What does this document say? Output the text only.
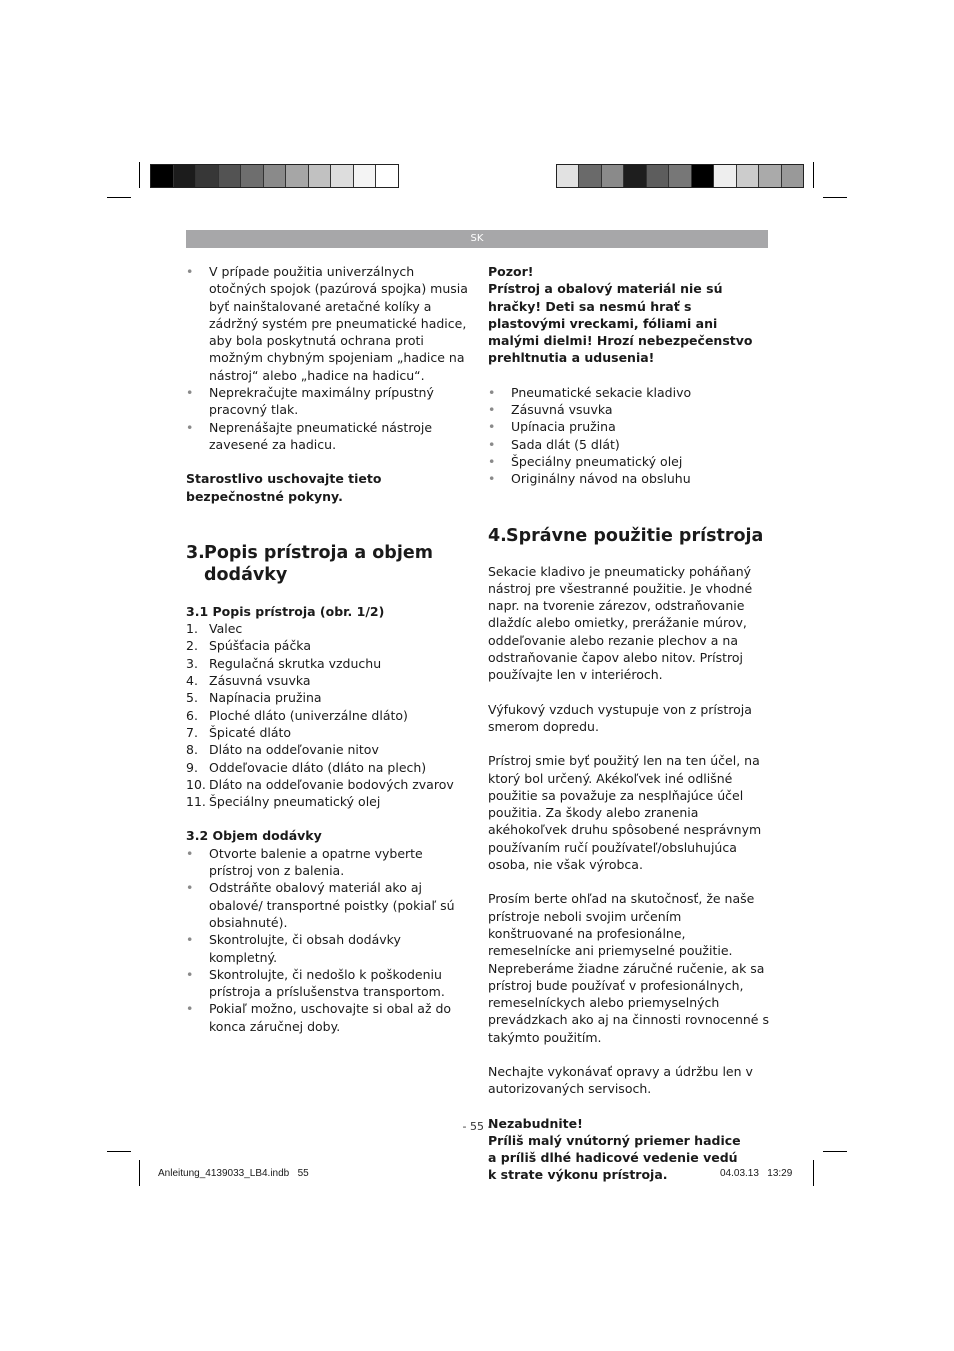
SK
• V prípade použitia univerzálnych otočných spojok (pazúrová spojka) musia byť nainštalované aretačné kolíky a zádržný systém pre pneumatické hadice, aby bola poskytnutá ochrana proti možným chybným spojeniam „hadice na nástroj“ alebo „hadice na hadicu“.
• Neprekračujte maximálny prípustný pracovný tlak.
• Neprenášajte pneumatické nástroje zavesené za hadicu.

Starostlivo uschovajte tieto bezpečnostné pokyny.

3.Popis prístroja a objem
dodávky

3.1 Popis prístroja (obr. 1/2)

1. Valec
2. Spúšťacia páčka
3. Regulačná skrutka vzduchu
4. Zásuvná vsuvka
5. Napínacia pružina
6. Ploché dláto (univerzálne dláto)
7. Špicaté dláto
8. Dláto na oddeľovanie nitov
9. Oddeľovacie dláto (dláto na plech)
10. Dláto na oddeľovanie bodových zvarov
11. Špeciálny pneumatický olej

3.2 Objem dodávky

• Otvorte balenie a opatrne vyberte prístroj von z balenia.
• Odstráňte obalový materiál ako aj obalové/ transportné poistky (pokiaľ sú obsiahnuté).
• Skontrolujte, či obsah dodávky kompletný.
• Skontrolujte, či nedošlo k poškodeniu prístroja a príslušenstva transportom.
• Pokiaľ možno, uschovajte si obal až do konca záručnej doby.

Pozor!

Prístroj a obalový materiál nie sú hračky! Deti sa nesmú hrať s plastovými vreckami, fóliami ani malými dielmi! Hrozí nebezpečenstvo prehltnutia a udusenia!

• Pneumatické sekacie kladivo
• Zásuvná vsuvka
• Upínacia pružina
• Sada dlát (5 dlát)
• Špeciálny pneumatický olej
• Originálny návod na obsluhu
4.Správne použitie prístroja

Sekacie kladivo je pneumaticky poháňaný nástroj pre všestranné použitie. Je vhodné napr. na tvorenie zárezov, odstraňovanie dlaždíc alebo omietky, prerážanie múrov, oddeľovanie alebo rezanie plechov a na odstraňovanie čapov alebo nitov. Prístroj používajte len v interiéroch.

Výfukový vzduch vystupuje von z prístroja smerom dopredu.

Prístroj smie byť použitý len na ten účel, na ktorý bol určený. Akékoľvek iné odlišné použitie sa považuje za nesplňajúce účel použitia. Za škody alebo zranenia akéhokoľvek druhu spôsobené nesprávnym používaním ručí používateľ/obsluhujúca osoba, nie však výrobca.

Prosím berte ohľad na skutočnosť, že naše prístroje neboli svojim určením konštruované na profesionálne, remeselnícke ani priemyselné použitie. Nepreberáme žiadne záručné ručenie, ak sa prístroj bude používať v profesionálnych, remeselníckych alebo priemyselných prevádzkach ako aj na činnosti rovnocenné s takýmto použitím.

Nechajte vykonávať opravy a údržbu len v autorizovaných servisoch.

Nezabudnite!

Príliš malý vnútorný priemer hadice

a príliš dlhé hadicové vedenie vedú

k strate výkonu prístroja.

- 55 -
Anleitung_4139033_LB4.indb   55	04.03.13   13:29
